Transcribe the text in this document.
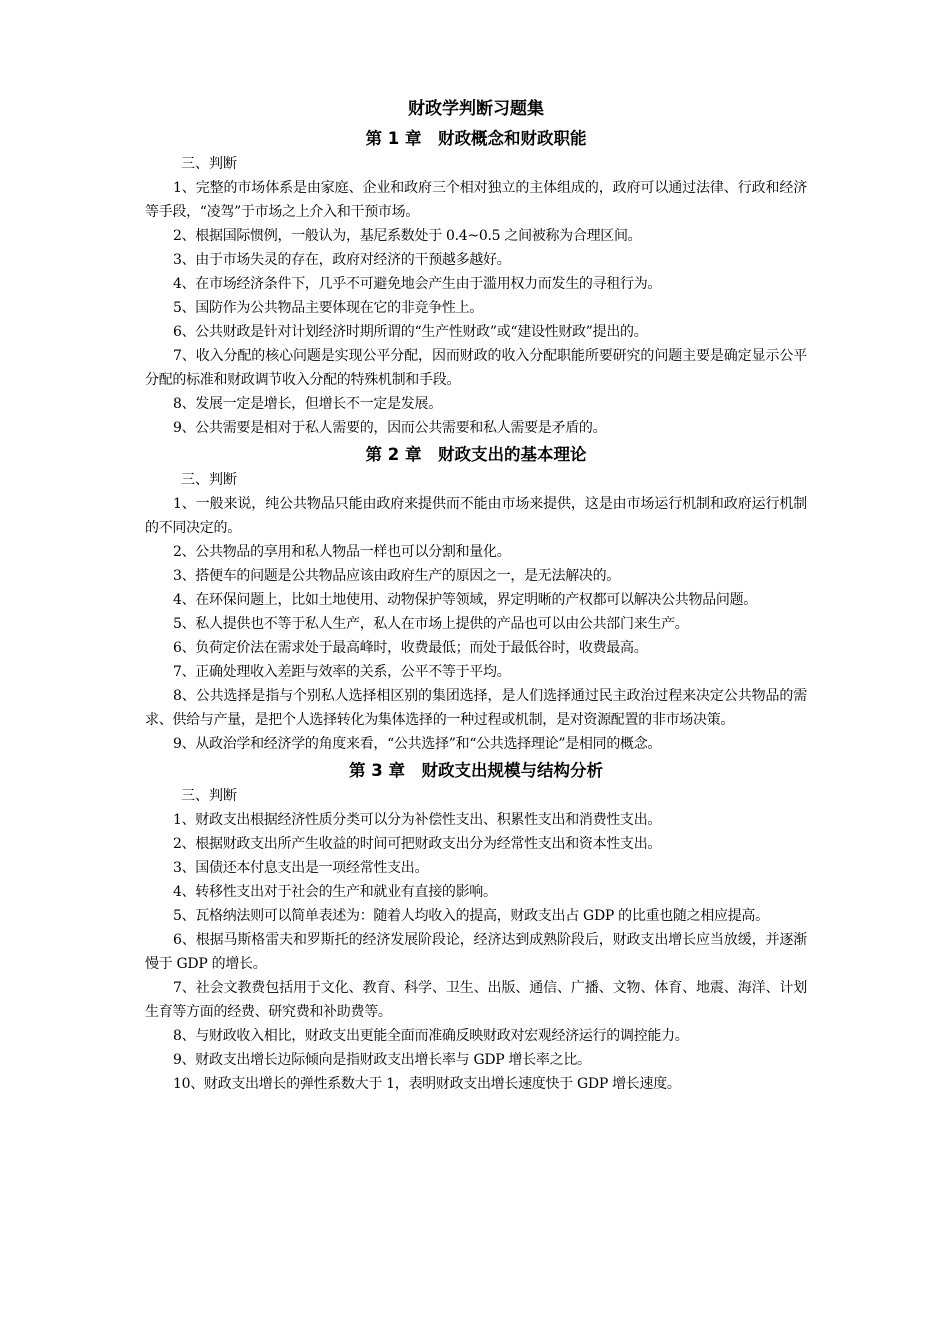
财政学判断习题集
第 1 章　财政概念和财政职能
三、判断

1、完整的市场体系是由家庭、企业和政府三个相对独立的主体组成的，政府可以通过法律、行政和经济等手段，“凌驾”于市场之上介入和干预市场。

2、根据国际惯例，一般认为，基尼系数处于 0.4~0.5 之间被称为合理区间。

3、由于市场失灵的存在，政府对经济的干预越多越好。

4、在市场经济条件下，几乎不可避免地会产生由于滥用权力而发生的寻租行为。

5、国防作为公共物品主要体现在它的非竞争性上。

6、公共财政是针对计划经济时期所谓的“生产性财政”或“建设性财政”提出的。

7、收入分配的核心问题是实现公平分配，因而财政的收入分配职能所要研究的问题主要是确定显示公平分配的标准和财政调节收入分配的特殊机制和手段。

8、发展一定是增长，但增长不一定是发展。

9、公共需要是相对于私人需要的，因而公共需要和私人需要是矛盾的。

第 2 章　财政支出的基本理论
三、判断

1、一般来说，纯公共物品只能由政府来提供而不能由市场来提供，这是由市场运行机制和政府运行机制的不同决定的。

2、公共物品的享用和私人物品一样也可以分割和量化。

3、搭便车的问题是公共物品应该由政府生产的原因之一，是无法解决的。

4、在环保问题上，比如土地使用、动物保护等领域，界定明晰的产权都可以解决公共物品问题。

5、私人提供也不等于私人生产，私人在市场上提供的产品也可以由公共部门来生产。

6、负荷定价法在需求处于最高峰时，收费最低；而处于最低谷时，收费最高。

7、正确处理收入差距与效率的关系，公平不等于平均。

8、公共选择是指与个别私人选择相区别的集团选择，是人们选择通过民主政治过程来决定公共物品的需求、供给与产量，是把个人选择转化为集体选择的一种过程或机制，是对资源配置的非市场决策。

9、从政治学和经济学的角度来看，“公共选择”和“公共选择理论”是相同的概念。

第 3 章　财政支出规模与结构分析
三、判断

1、财政支出根据经济性质分类可以分为补偿性支出、积累性支出和消费性支出。

2、根据财政支出所产生收益的时间可把财政支出分为经常性支出和资本性支出。

3、国债还本付息支出是一项经常性支出。

4、转移性支出对于社会的生产和就业有直接的影响。

5、瓦格纳法则可以简单表述为：随着人均收入的提高，财政支出占 GDP 的比重也随之相应提高。

6、根据马斯格雷夫和罗斯托的经济发展阶段论，经济达到成熟阶段后，财政支出增长应当放缓，并逐渐慢于 GDP 的增长。

7、社会文教费包括用于文化、教育、科学、卫生、出版、通信、广播、文物、体育、地震、海洋、计划生育等方面的经费、研究费和补助费等。

8、与财政收入相比，财政支出更能全面而准确反映财政对宏观经济运行的调控能力。

9、财政支出增长边际倾向是指财政支出增长率与 GDP 增长率之比。

10、财政支出增长的弹性系数大于 1，表明财政支出增长速度快于 GDP 增长速度。
